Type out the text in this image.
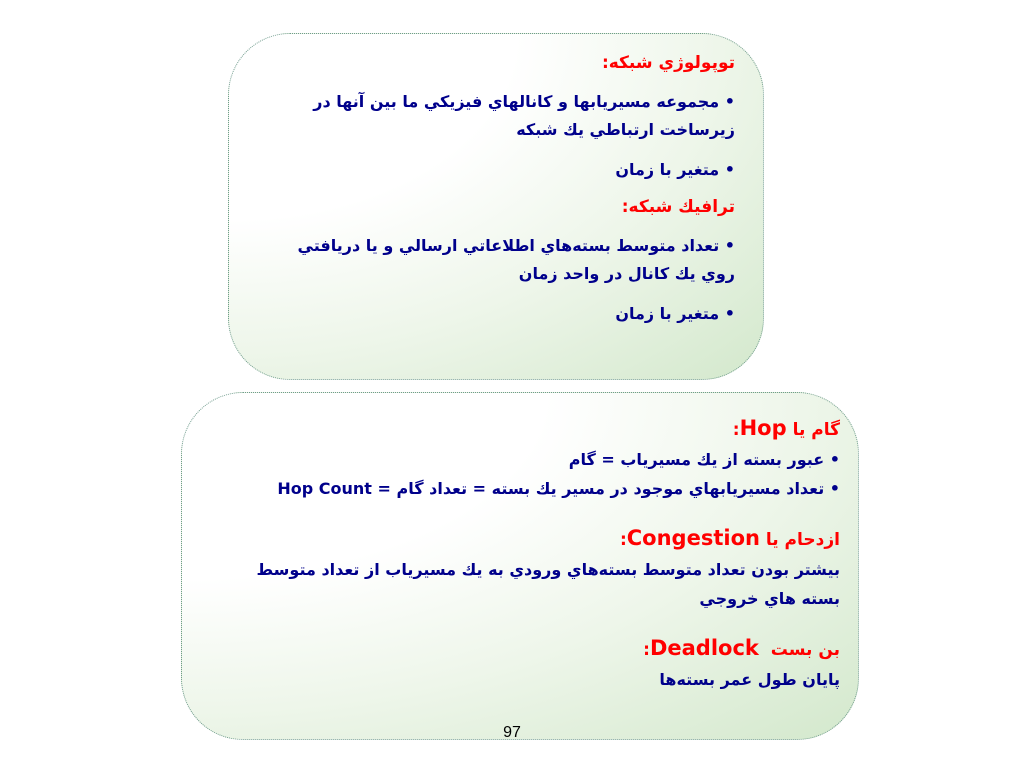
توپولوژي شبكه:

• مجموعه مسيريابها و كانالهاي فيزيكي ما بين آنها در

زيرساخت ارتباطي يك شبكه

• متغير با زمان

ترافيك شبكه:

• تعداد متوسط بسته‌هاي اطلاعاتي ارسالي و يا دريافتي

روي يك كانال در واحد زمان

• متغير با زمان

گام يا Hop:

• عبور بسته از يك مسيرياب = گام

• تعداد مسيريابهاي موجود در مسير يك بسته = تعداد گام = Hop Count

ازدحام يا Congestion:

بيشتر بودن تعداد متوسط بسته‌هاي ورودي به يك مسيرياب از تعداد متوسط

بسته هاي خروجي

بن بست  Deadlock:

پايان طول عمر بسته‌ها

97
